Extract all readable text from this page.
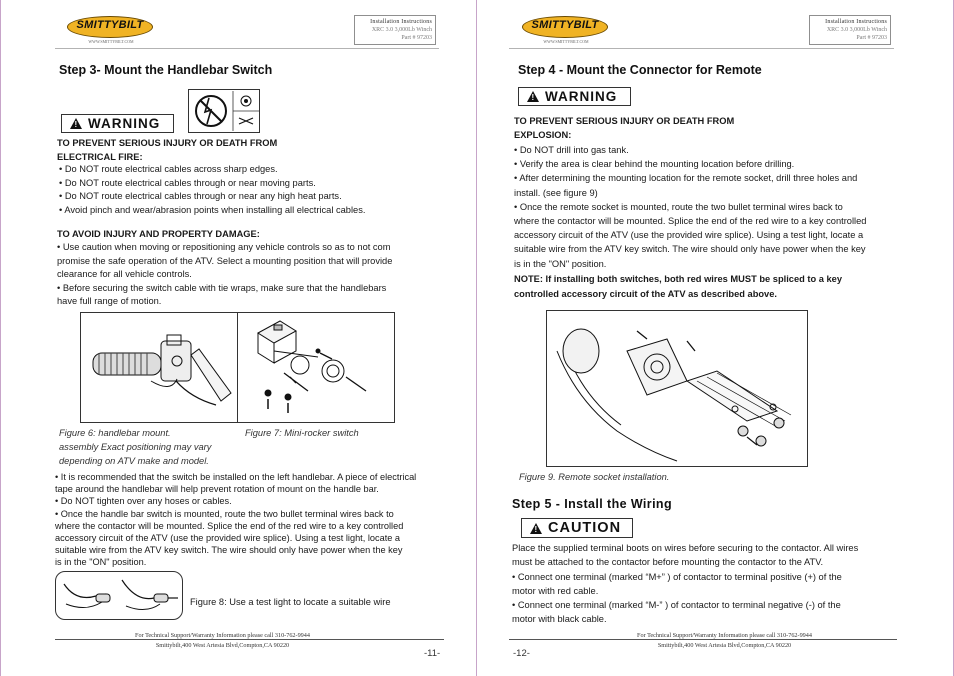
SMITTYBILT
WWW.SMITTYBILT.COM
Installation Instructions
XRC 3.0 3,000Lb Winch
Part # 97203
Step 3- Mount the Handlebar Switch
!
WARNING
TO PREVENT SERIOUS INJURY OR DEATH FROM
ELECTRICAL FIRE:
• Do NOT route electrical cables across sharp edges.
• Do NOT route electrical cables through or near moving parts.
• Do NOT route electrical cables through or near any high heat parts.
• Avoid pinch and wear/abrasion points when installing all electrical cables.
TO AVOID INJURY AND PROPERTY DAMAGE:
• Use caution when moving or repositioning any vehicle controls so as to not com
promise the safe operation of the ATV. Select a mounting position that will provide
clearance for all vehicle controls.
• Before securing the switch cable with tie wraps, make sure that the handlebars
have full range of motion.
Figure 6: handlebar mount.
assembly Exact positioning may vary
depending on ATV make and model.
Figure 7: Mini-rocker switch
• It is recommended that the switch be installed on the left handlebar. A piece of electrical
tape around the handlebar will help prevent rotation of mount on the handle bar.
• Do NOT tighten over any hoses or cables.
• Once the handle bar switch is mounted, route the two bullet terminal wires back to
where the contactor will be mounted. Splice the end of the red wire to a key controlled
accessory circuit of the ATV (use the provided wire splice). Using a test light, locate a
suitable wire from the ATV key switch. The wire should only have power when the key
is in the "ON" position.
Figure 8: Use a test light to locate a suitable wire
For Technical Support/Warranty Information please call 310-762-9944
Smittybilt,400 West Artesia Blvd,Compton,CA 90220
-11-
SMITTYBILT
WWW.SMITTYBILT.COM
Installation Instructions
XRC 3.0 3,000Lb Winch
Part # 97203
Step 4 - Mount the Connector for Remote
!
WARNING
TO PREVENT SERIOUS INJURY OR DEATH FROM
EXPLOSION:
• Do NOT drill into gas tank.
• Verify the area is clear behind the mounting location before drilling.
• After determining the mounting location for the remote socket, drill three holes and
install. (see figure 9)
• Once the remote socket is mounted, route the two bullet terminal wires back to
where the contactor will be mounted. Splice the end of the red wire to a key controlled
accessory circuit of the ATV (use the provided wire splice). Using a test light, locate a
suitable wire from the ATV key switch. The wire should only have power when the key
is in the "ON" position.
NOTE: If installing both switches, both red wires MUST be spliced to a key
controlled accessory circuit of the ATV as described above.
Figure 9. Remote socket installation.
Step 5 - Install the Wiring
!
CAUTION
Place the supplied terminal boots on wires before securing to the contactor. All wires
must be attached to the contactor before mounting the contactor to the ATV.
• Connect one terminal (marked “M+” ) of contactor to terminal positive (+) of the
motor with red cable.
• Connect one terminal (marked “M-” ) of contactor to terminal negative (-) of the
motor with black cable.
For Technical Support/Warranty Information please call 310-762-9944
Smittybilt,400 West Artesia Blvd,Compton,CA 90220
-12-
